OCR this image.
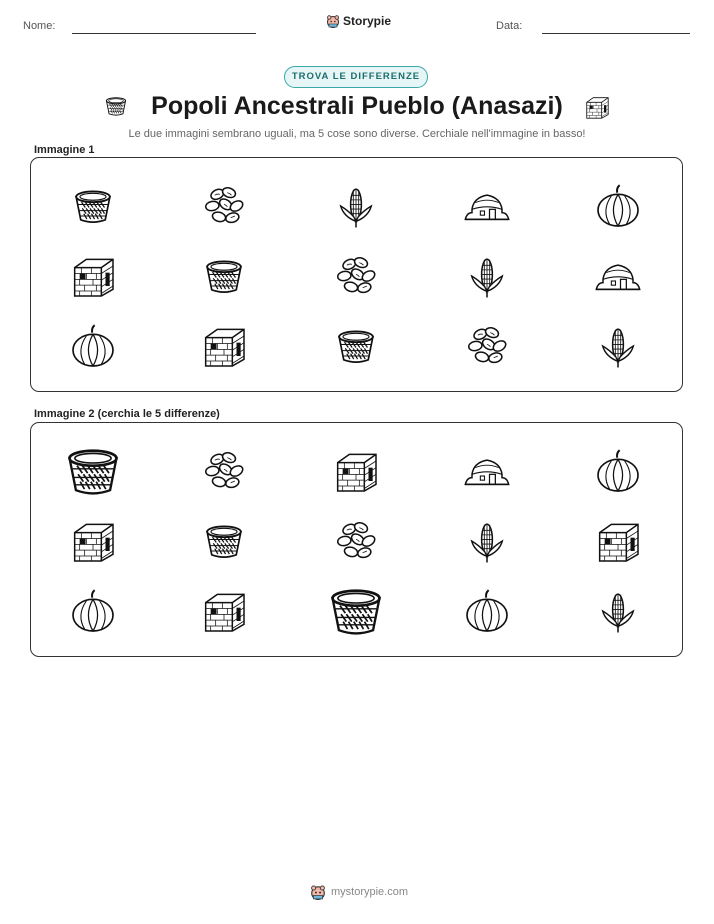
Nome:	Storypie	Data:
TROVA LE DIFFERENZE
Popoli Ancestrali Pueblo (Anasazi)
Le due immagini sembrano uguali, ma 5 cose sono diverse. Cerchiale nell'immagine in basso!
Immagine 1
Immagine 2 (cerchia le 5 differenze)
mystorypie.com
